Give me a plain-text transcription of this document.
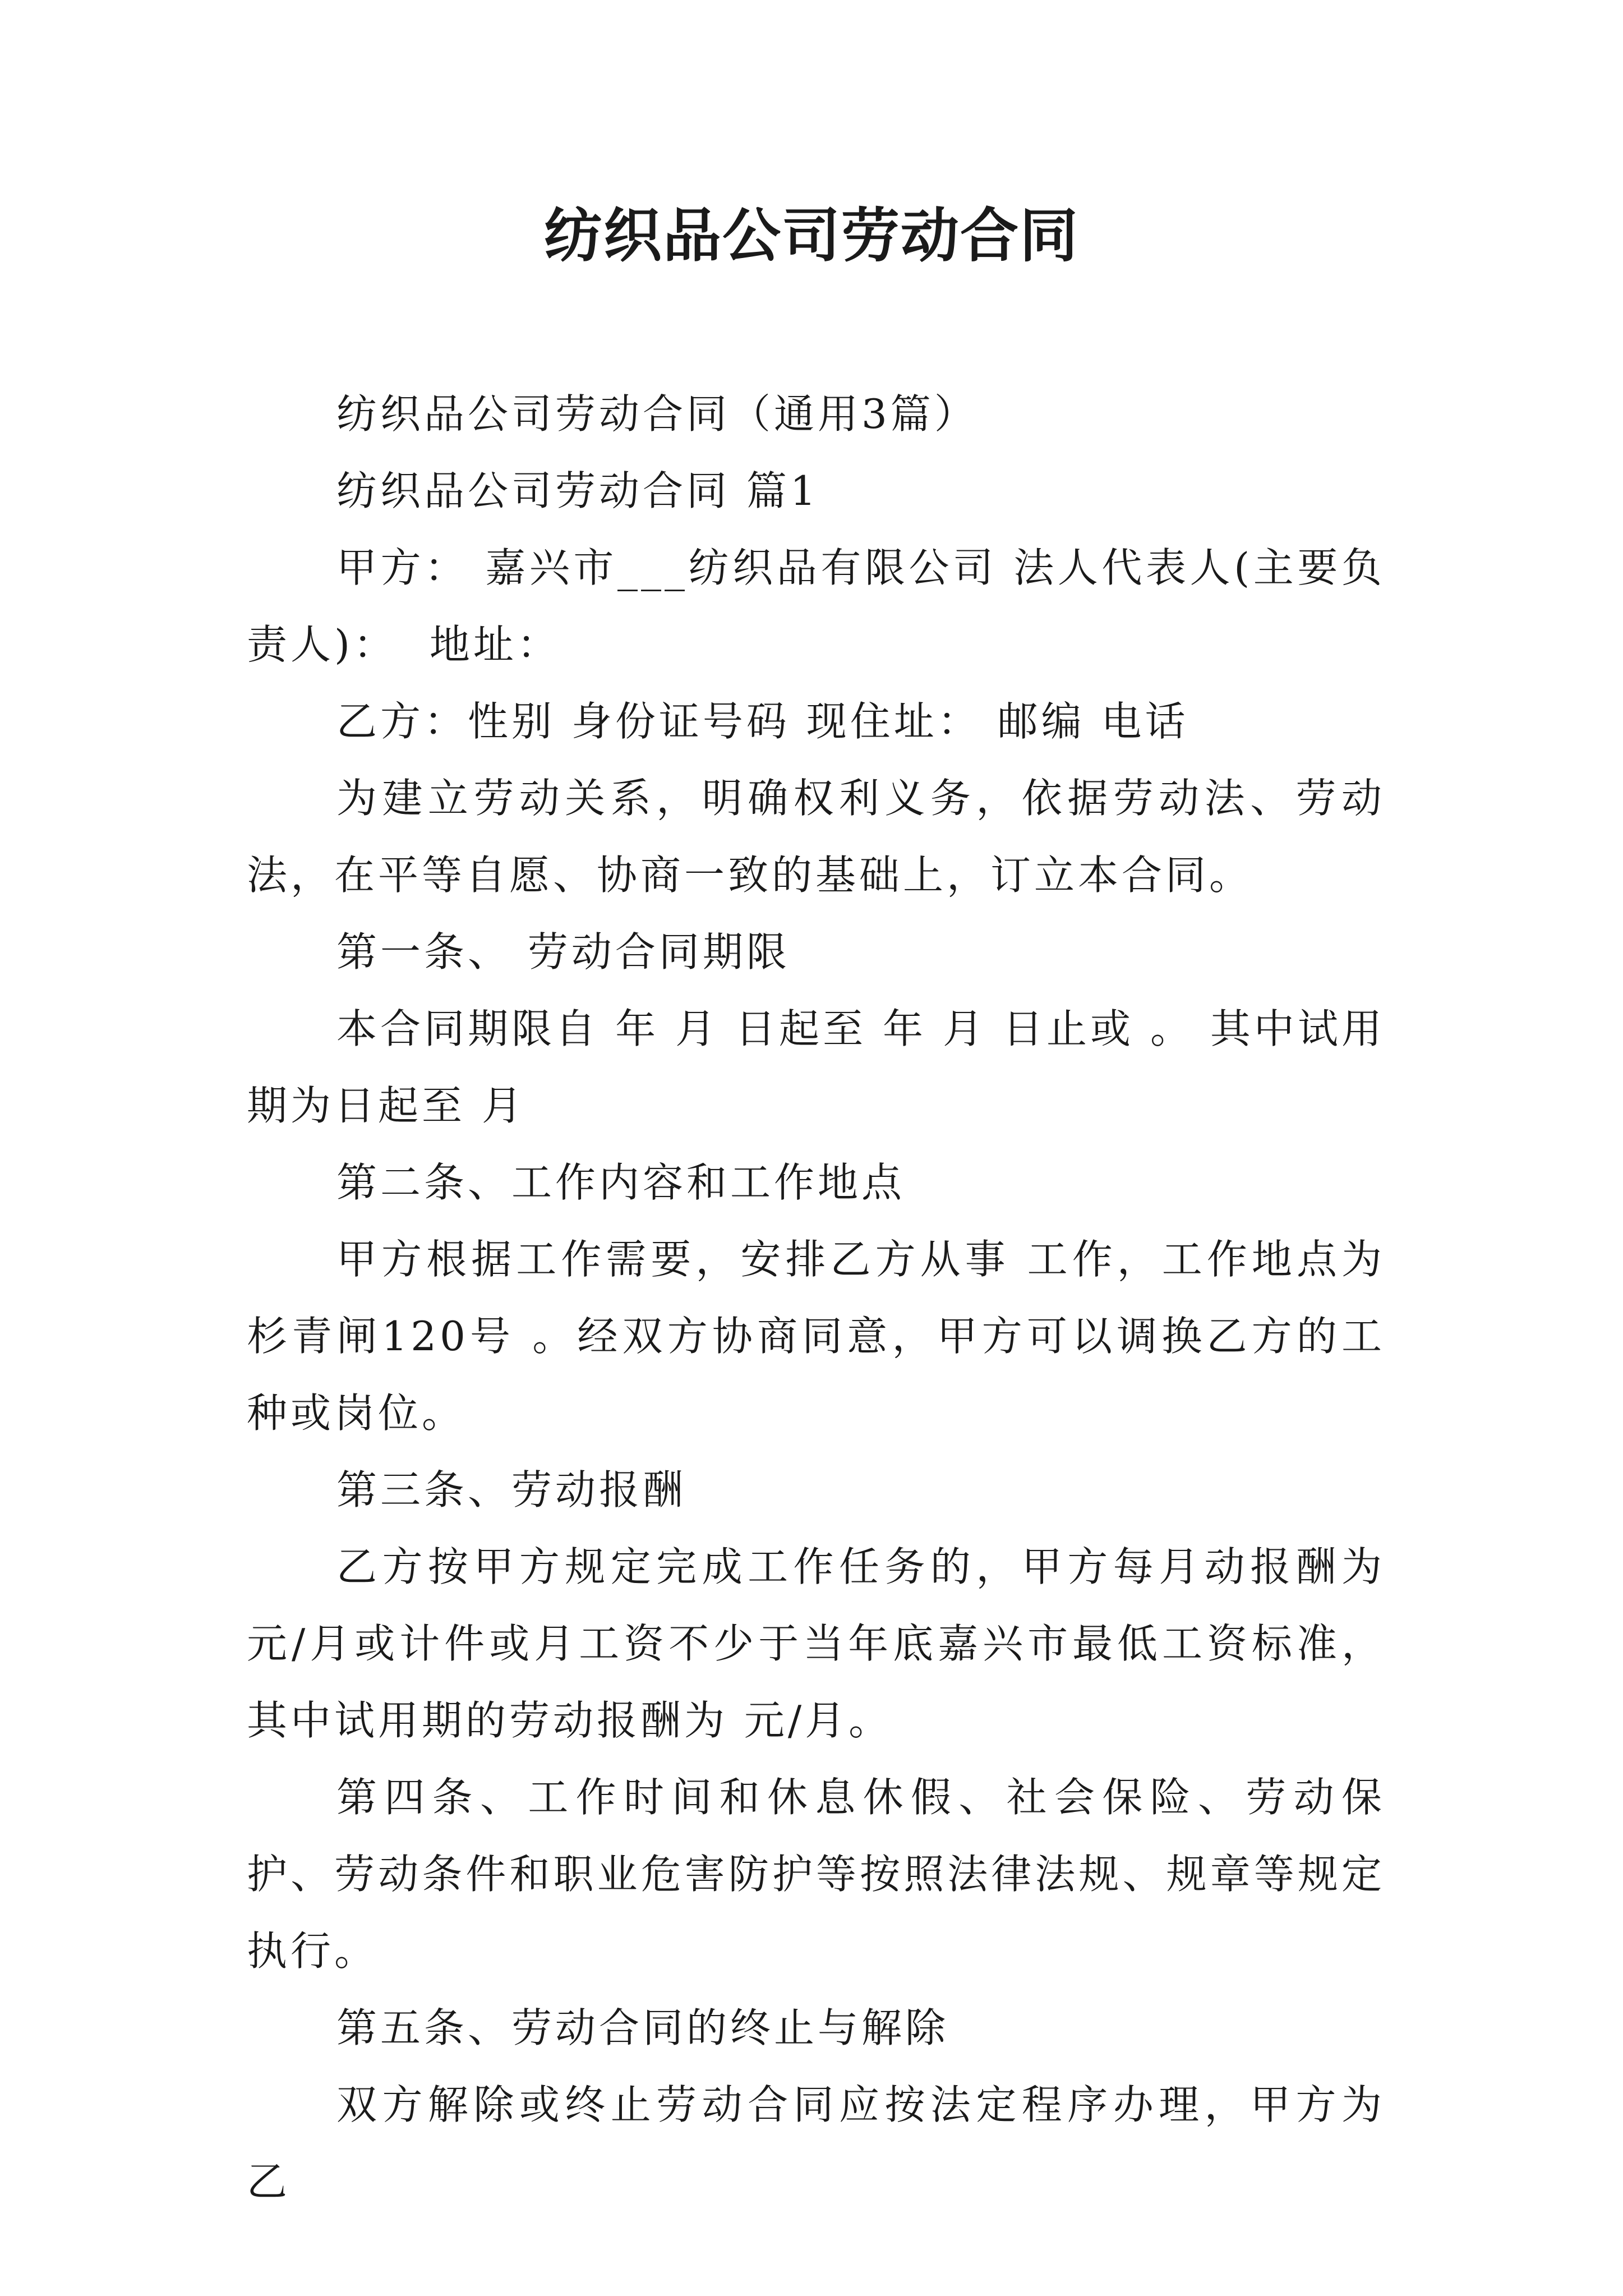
纺织品公司劳动合同

纺织品公司劳动合同（通用3篇）

纺织品公司劳动合同 篇1

甲方： 嘉兴市___纺织品有限公司 法人代表人(主要负责人)：  地址：

乙方：性别 身份证号码 现住址： 邮编 电话

为建立劳动关系，明确权利义务，依据劳动法、劳动法，在平等自愿、协商一致的基础上，订立本合同。

第一条、 劳动合同期限

本合同期限自 年 月 日起至 年 月 日止或 。 其中试用期为日起至 月

第二条、工作内容和工作地点

甲方根据工作需要，安排乙方从事 工作，工作地点为杉青闸120号 。经双方协商同意，甲方可以调换乙方的工种或岗位。

第三条、劳动报酬

乙方按甲方规定完成工作任务的，甲方每月动报酬为元/月或计件或月工资不少于当年底嘉兴市最低工资标准，其中试用期的劳动报酬为 元/月。

第四条、工作时间和休息休假、社会保险、劳动保护、劳动条件和职业危害防护等按照法律法规、规章等规定执行。

第五条、劳动合同的终止与解除

双方解除或终止劳动合同应按法定程序办理，甲方为乙
